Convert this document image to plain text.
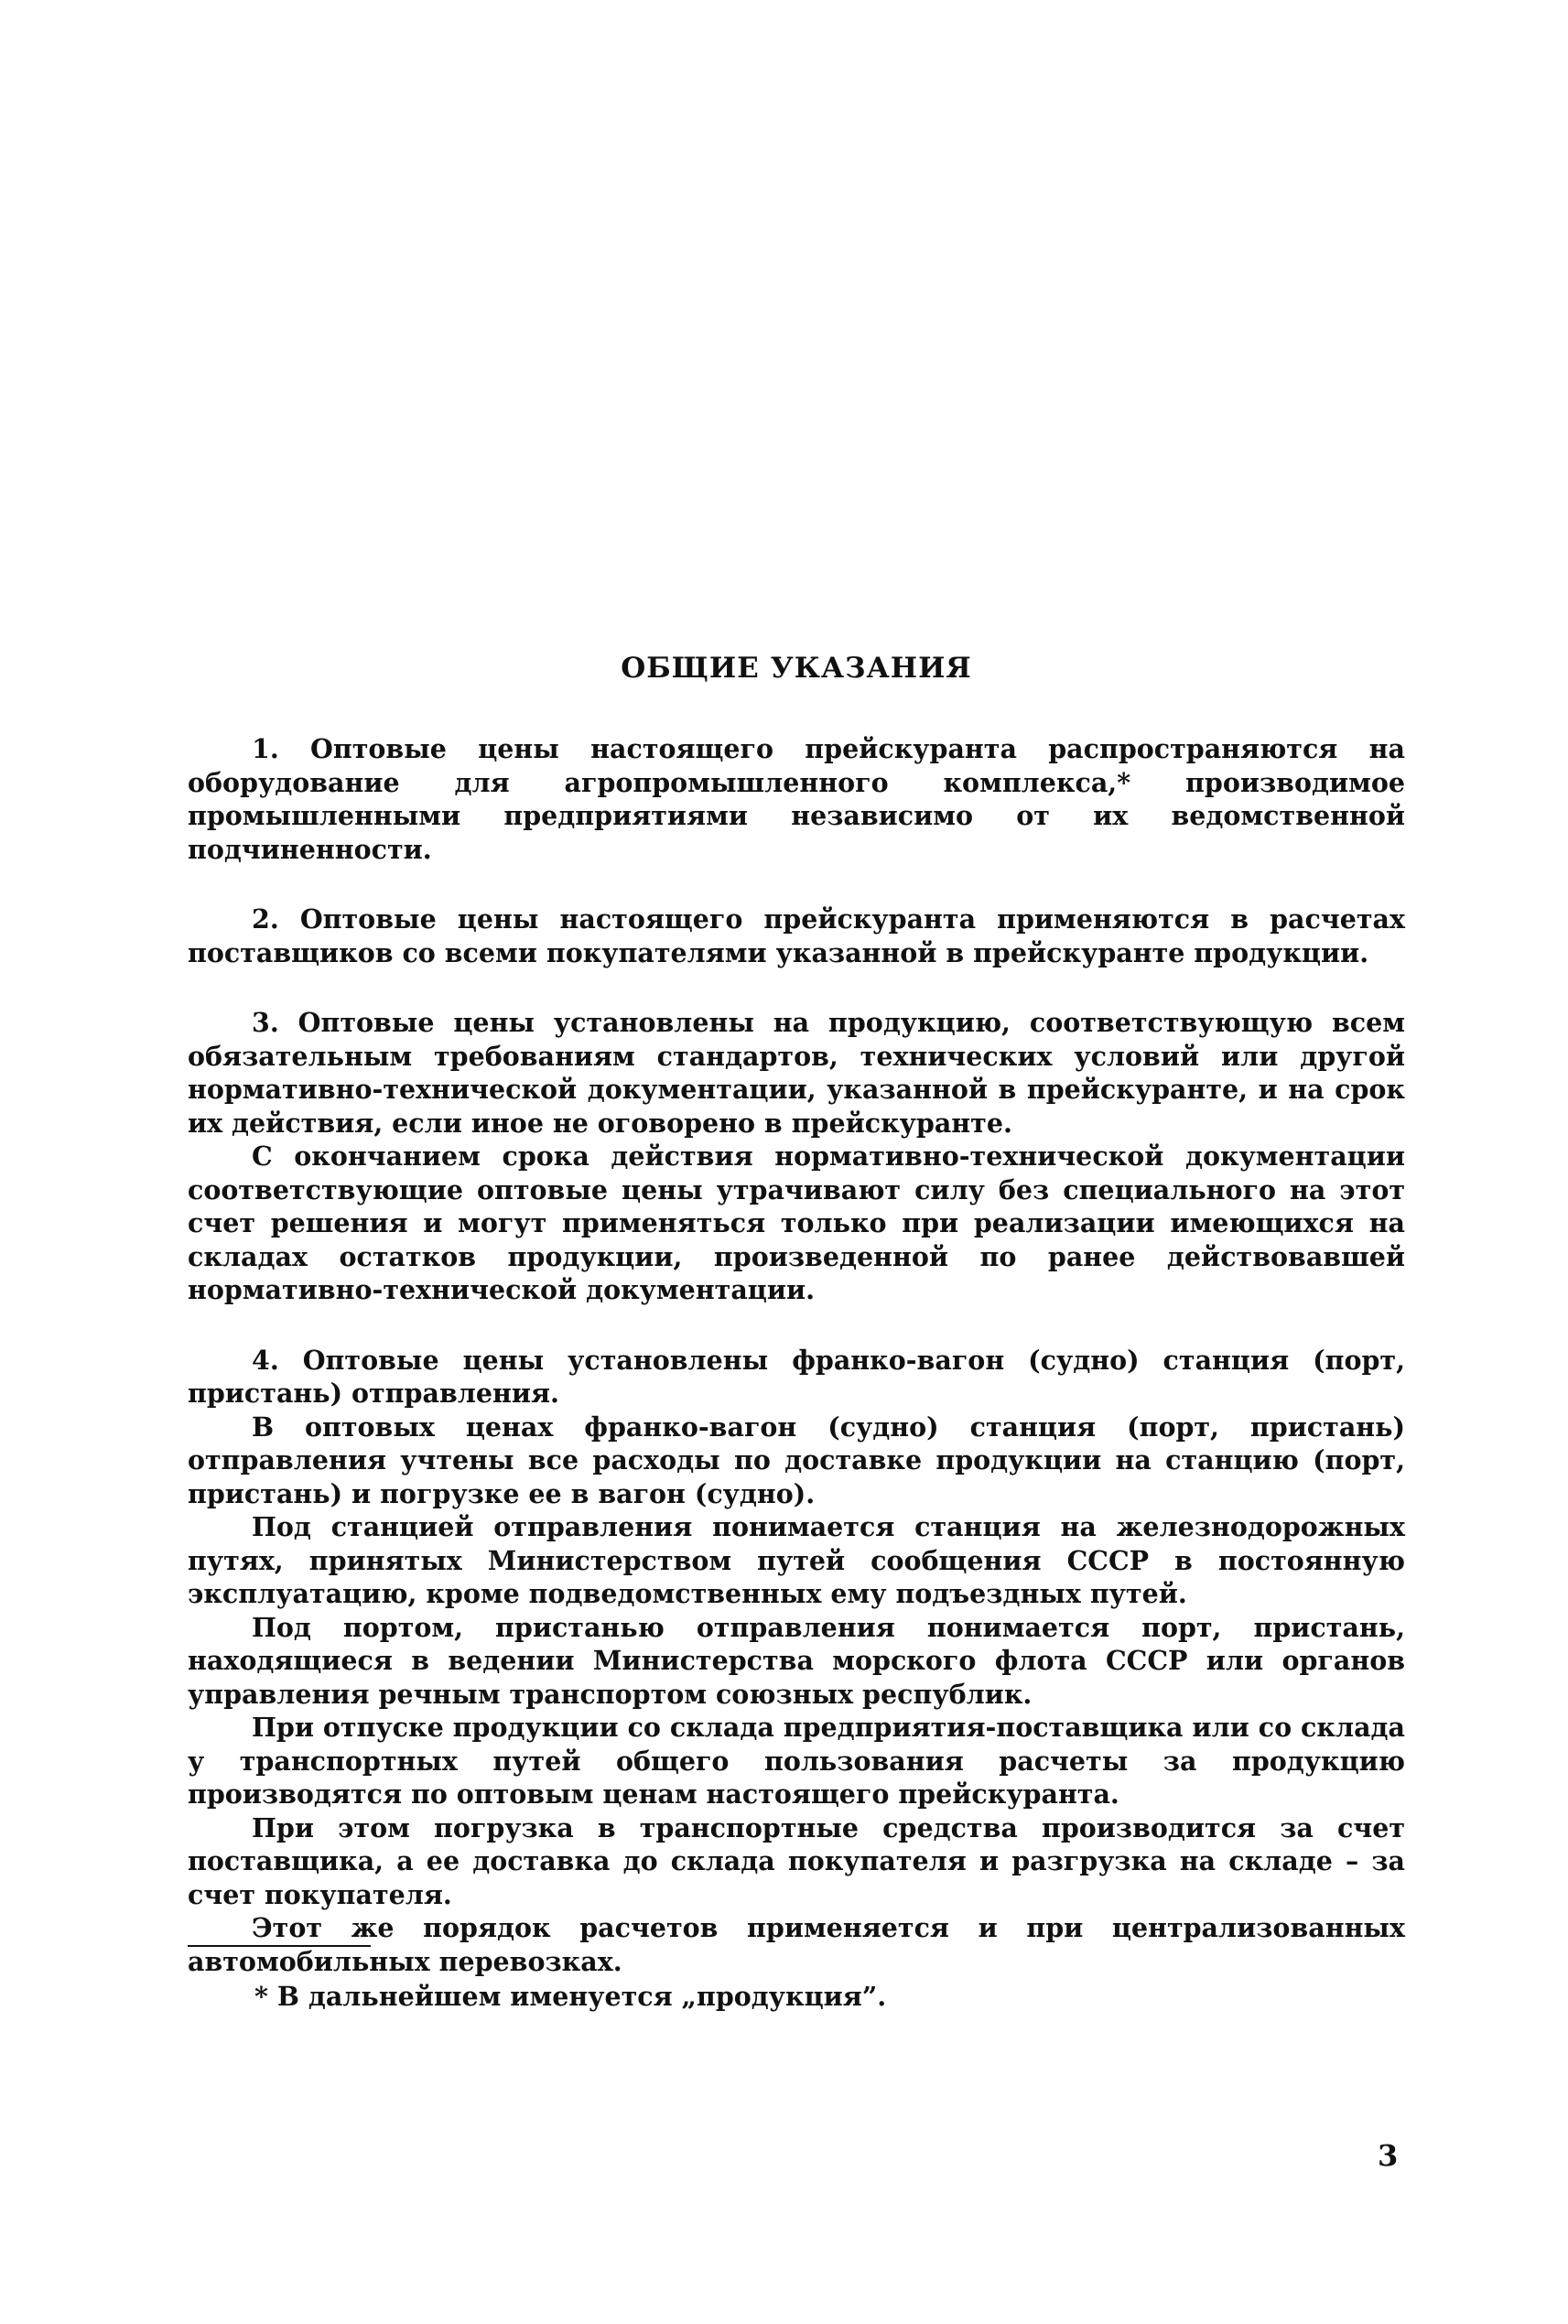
ОБЩИЕ УКАЗАНИЯ

1. Оптовые цены настоящего прейскуранта распространяются на оборудование для агропромышленного комплекса,* производимое промышленными предприятиями независимо от их ведомственной подчиненности.

2. Оптовые цены настоящего прейскуранта применяются в расчетах поставщиков со всеми покупателями указанной в прейскуранте продукции.

3. Оптовые цены установлены на продукцию, соответствующую всем обязательным требованиям стандартов, технических условий или другой нормативно-технической документации, указанной в прейскуранте, и на срок их действия, если иное не оговорено в прейскуранте.

С окончанием срока действия нормативно-технической документации соответствующие оптовые цены утрачивают силу без специального на этот счет решения и могут применяться только при реализации имеющихся на складах остатков продукции, произведенной по ранее действовавшей нормативно-технической документации.

4. Оптовые цены установлены франко-вагон (судно) станция (порт, пристань) отправления.

В оптовых ценах франко-вагон (судно) станция (порт, пристань) отправления учтены все расходы по доставке продукции на станцию (порт, пристань) и погрузке ее в вагон (судно).

Под станцией отправления понимается станция на железнодорожных путях, принятых Министерством путей сообщения СССР в постоянную эксплуатацию, кроме подведомственных ему подъездных путей.

Под портом, пристанью отправления понимается порт, пристань, находящиеся в ведении Министерства морского флота СССР или органов управления речным транспортом союзных республик.

При отпуске продукции со склада предприятия-поставщика или со склада у транспортных путей общего пользования расчеты за продукцию производятся по оптовым ценам настоящего прейскуранта.

При этом погрузка в транспортные средства производится за счет поставщика, а ее доставка до склада покупателя и разгрузка на складе – за счет покупателя.

Этот же порядок расчетов применяется и при централизованных автомобильных перевозках.

* В дальнейшем именуется „продукция”.
3
